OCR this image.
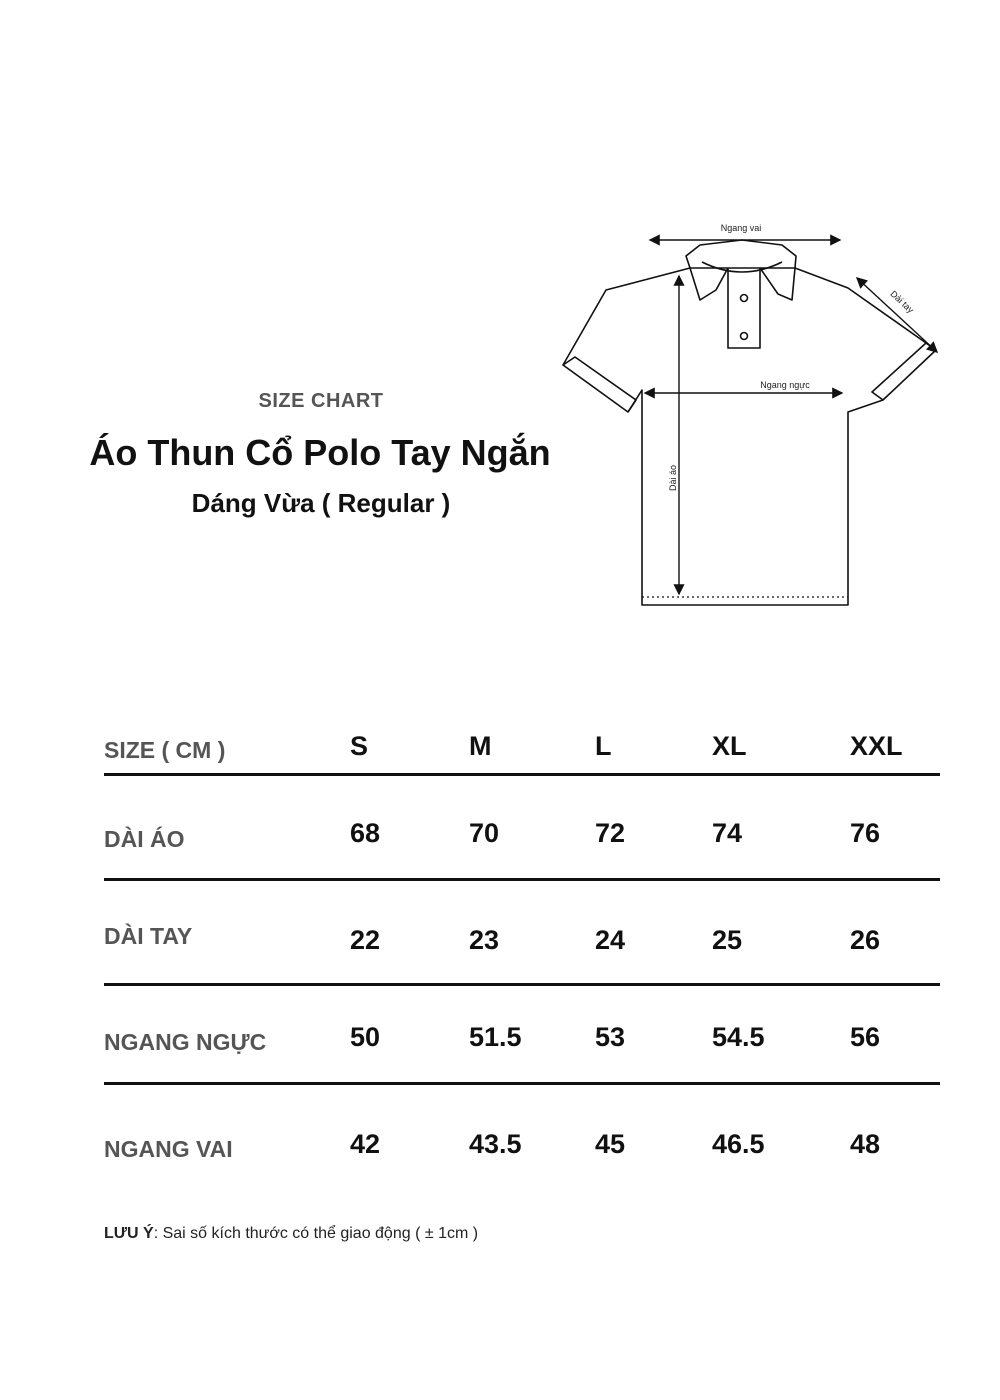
SIZE CHART
Áo Thun Cổ Polo Tay Ngắn
Dáng Vừa ( Regular )
Ngang vai
Ngang ngực
Dài áo
Dài tay
SIZE ( CM )	S	M	L	XL	XXL
DÀI ÁO	68	70	72	74	76
DÀI TAY	22	23	24	25	26
NGANG NGỰC	50	51.5	53	54.5	56
NGANG VAI	42	43.5	45	46.5	48
LƯU Ý: Sai số kích thước có thể giao động ( ± 1cm )
